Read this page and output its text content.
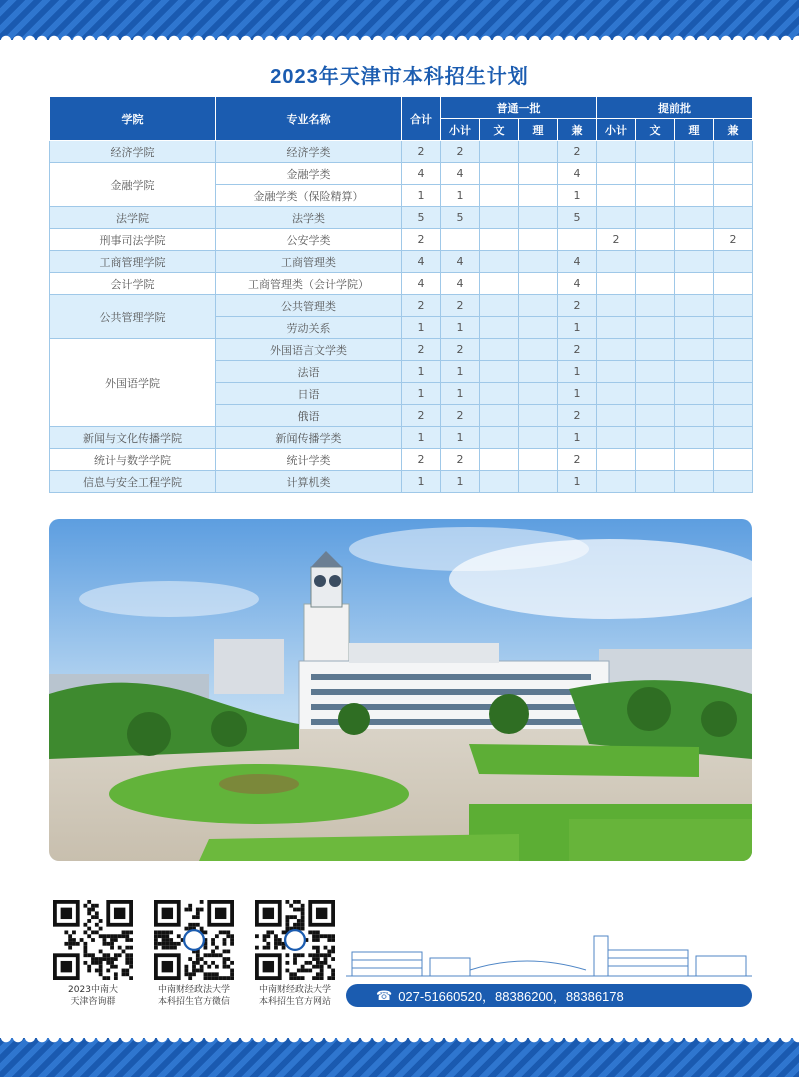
2023年天津市本科招生计划
学院	专业名称	合计	普通一批				提前批			
			小计	文	理	兼	小计	文	理	兼
经济学院	经济学类	2	2			2				
金融学院	金融学类	4	4			4				
	金融学类（保险精算）	1	1			1				
法学院	法学类	5	5			5				
刑事司法学院	公安学类	2					2			2
工商管理学院	工商管理类	4	4			4				
会计学院	工商管理类（会计学院）	4	4			4				
公共管理学院	公共管理类	2	2			2				
	劳动关系	1	1			1				
外国语学院	外国语言文学类	2	2			2				
	法语	1	1			1				
	日语	1	1			1				
	俄语	2	2			2				
新闻与文化传播学院	新闻传播学类	1	1			1				
统计与数学学院	统计学类	2	2			2				
信息与安全工程学院	计算机类	1	1			1				
2023中南大
天津咨询群
中南财经政法大学
本科招生官方微信
中南财经政法大学
本科招生官方网站	☎ 027-51660520，88386200，88386178
